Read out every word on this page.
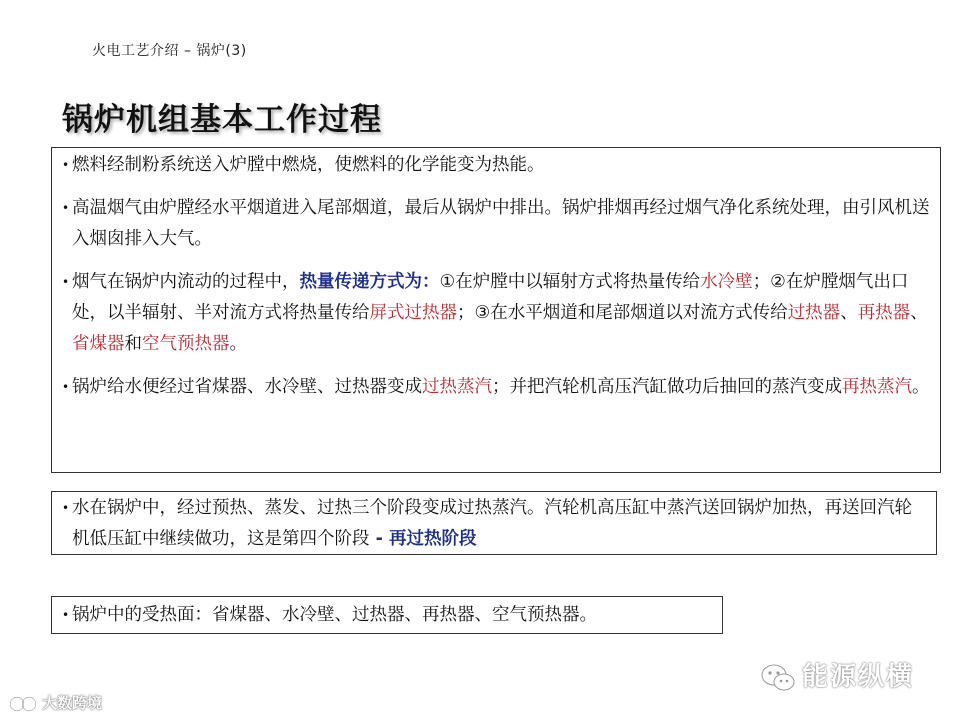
火电工艺介绍 – 锅炉(3)
锅炉机组基本工作过程

• 燃料经制粉系统送入炉膛中燃烧，使燃料的化学能变为热能。

• 高温烟气由炉膛经水平烟道进入尾部烟道，最后从锅炉中排出。锅炉排烟再经过烟气净化系统处理，由引风机送入烟囱排入大气。

• 烟气在锅炉内流动的过程中，热量传递方式为：①在炉膛中以辐射方式将热量传给水冷壁；②在炉膛烟气出口处，以半辐射、半对流方式将热量传给屏式过热器；③在水平烟道和尾部烟道以对流方式传给过热器、再热器、省煤器和空气预热器。

• 锅炉给水便经过省煤器、水冷壁、过热器变成过热蒸汽；并把汽轮机高压汽缸做功后抽回的蒸汽变成再热蒸汽。

• 水在锅炉中，经过预热、蒸发、过热三个阶段变成过热蒸汽。汽轮机高压缸中蒸汽送回锅炉加热，再送回汽轮机低压缸中继续做功，这是第四个阶段 - 再过热阶段

• 锅炉中的受热面：省煤器、水冷壁、过热器、再热器、空气预热器。

大数跨境
能源纵横
